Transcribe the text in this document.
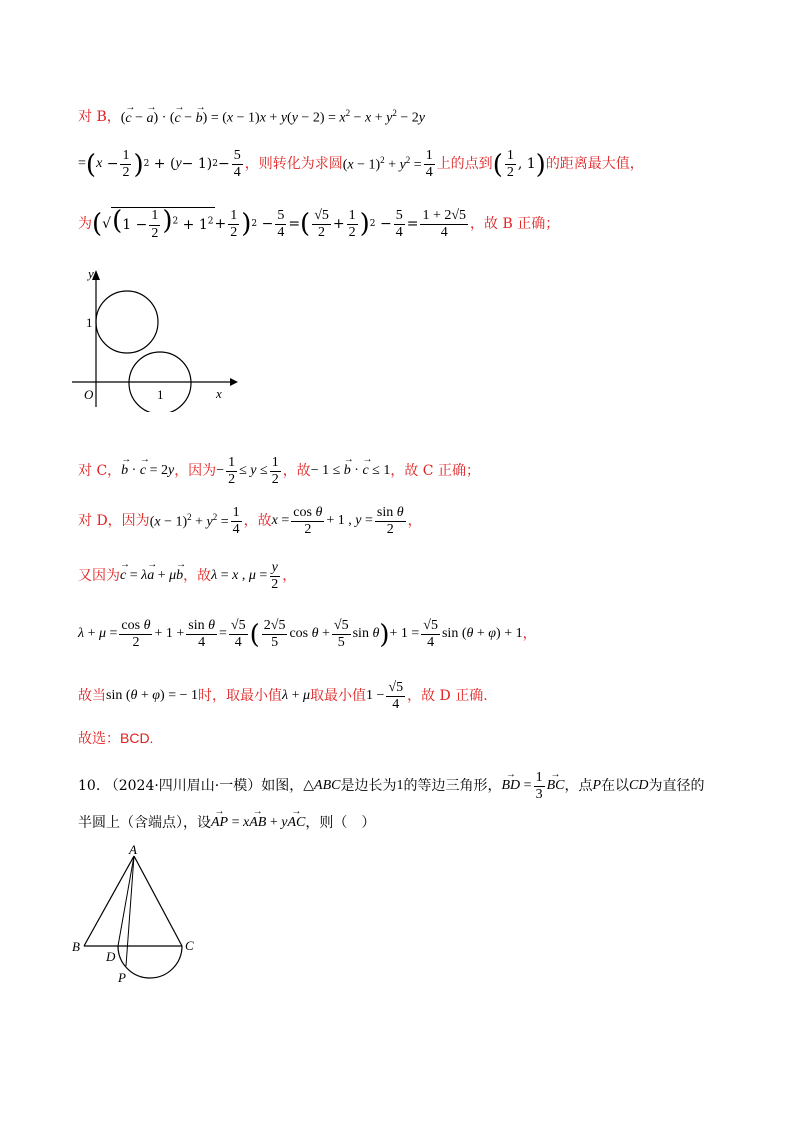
对 B， (→ c − → a) · (→ c − → $b) = (x - 1)x + y(y - 2) = x^2 - x + y^2 - 2y$
= ( $x - \frac{1}{2}$ ) 2 + ( y − 1) $2 - \frac{5}{4}$ ，则转化为求圆 $(x - 1)^2 + y^2 = \frac{1}{4}$ 上的点到 ( $\frac{1}{2}$ , 1 ) 的距离最大值，
为 ( √ $(1 - \frac{1}{2} )^2 + 1^2 + \frac{1}{2}$ ) $2 - \frac{5}{4}$ = ( $\frac{√5}{2} + \frac{1}{2}$ ) $2 - \frac{5}{4} = \frac{1 + 2√5}{4}$ ，故 B 正确；
y
x
O
1
1
对 C， → b · → c = 2y ，因为 − $\frac{1}{2} \le y \le \frac{1}{2}$ ，故 − 1 ≤ → b · → c ≤ 1 ，故 C 正确；
对 D，因为 $(x - 1)^2 + y^2 = \frac{1}{4}$ ，故 $x = \frac{\text{cos θ}}{2} + 1$ , $y = \frac{\text{sin θ}}{2}$ ，
又因为 → c = λ→ a + μ→ b ，故 λ = x , $\mu = \frac{y}{2}$ ，
$\lambda + \mu = \frac{\text{cos θ}}{2} + 1 + \frac{\text{sin θ}}{4} = \frac{√5}{4}$ ( $\frac{2√5}{5}$ $\cos \theta + \frac{√5}{5}$ sin θ ) + $1 = \frac{√5}{4}$ sin (θ + φ) + 1 ，
故当 sin (θ + φ) = − 1 时，取最小值 λ + μ 取最小值 $1 - \frac{√5}{4}$ ，故 D 正确.
故选：BCD.
10.
（2024·四川眉山·一模） 如图， △ABC 是边长为 1 的等边三角形， → BD = $\frac{1}{3}$ → BC ，点 P 在以 CD 为直径的
半圆上（含端点），设 → AP = x→ AB + y→ AC ，则（　）
A
B	C
D
P
